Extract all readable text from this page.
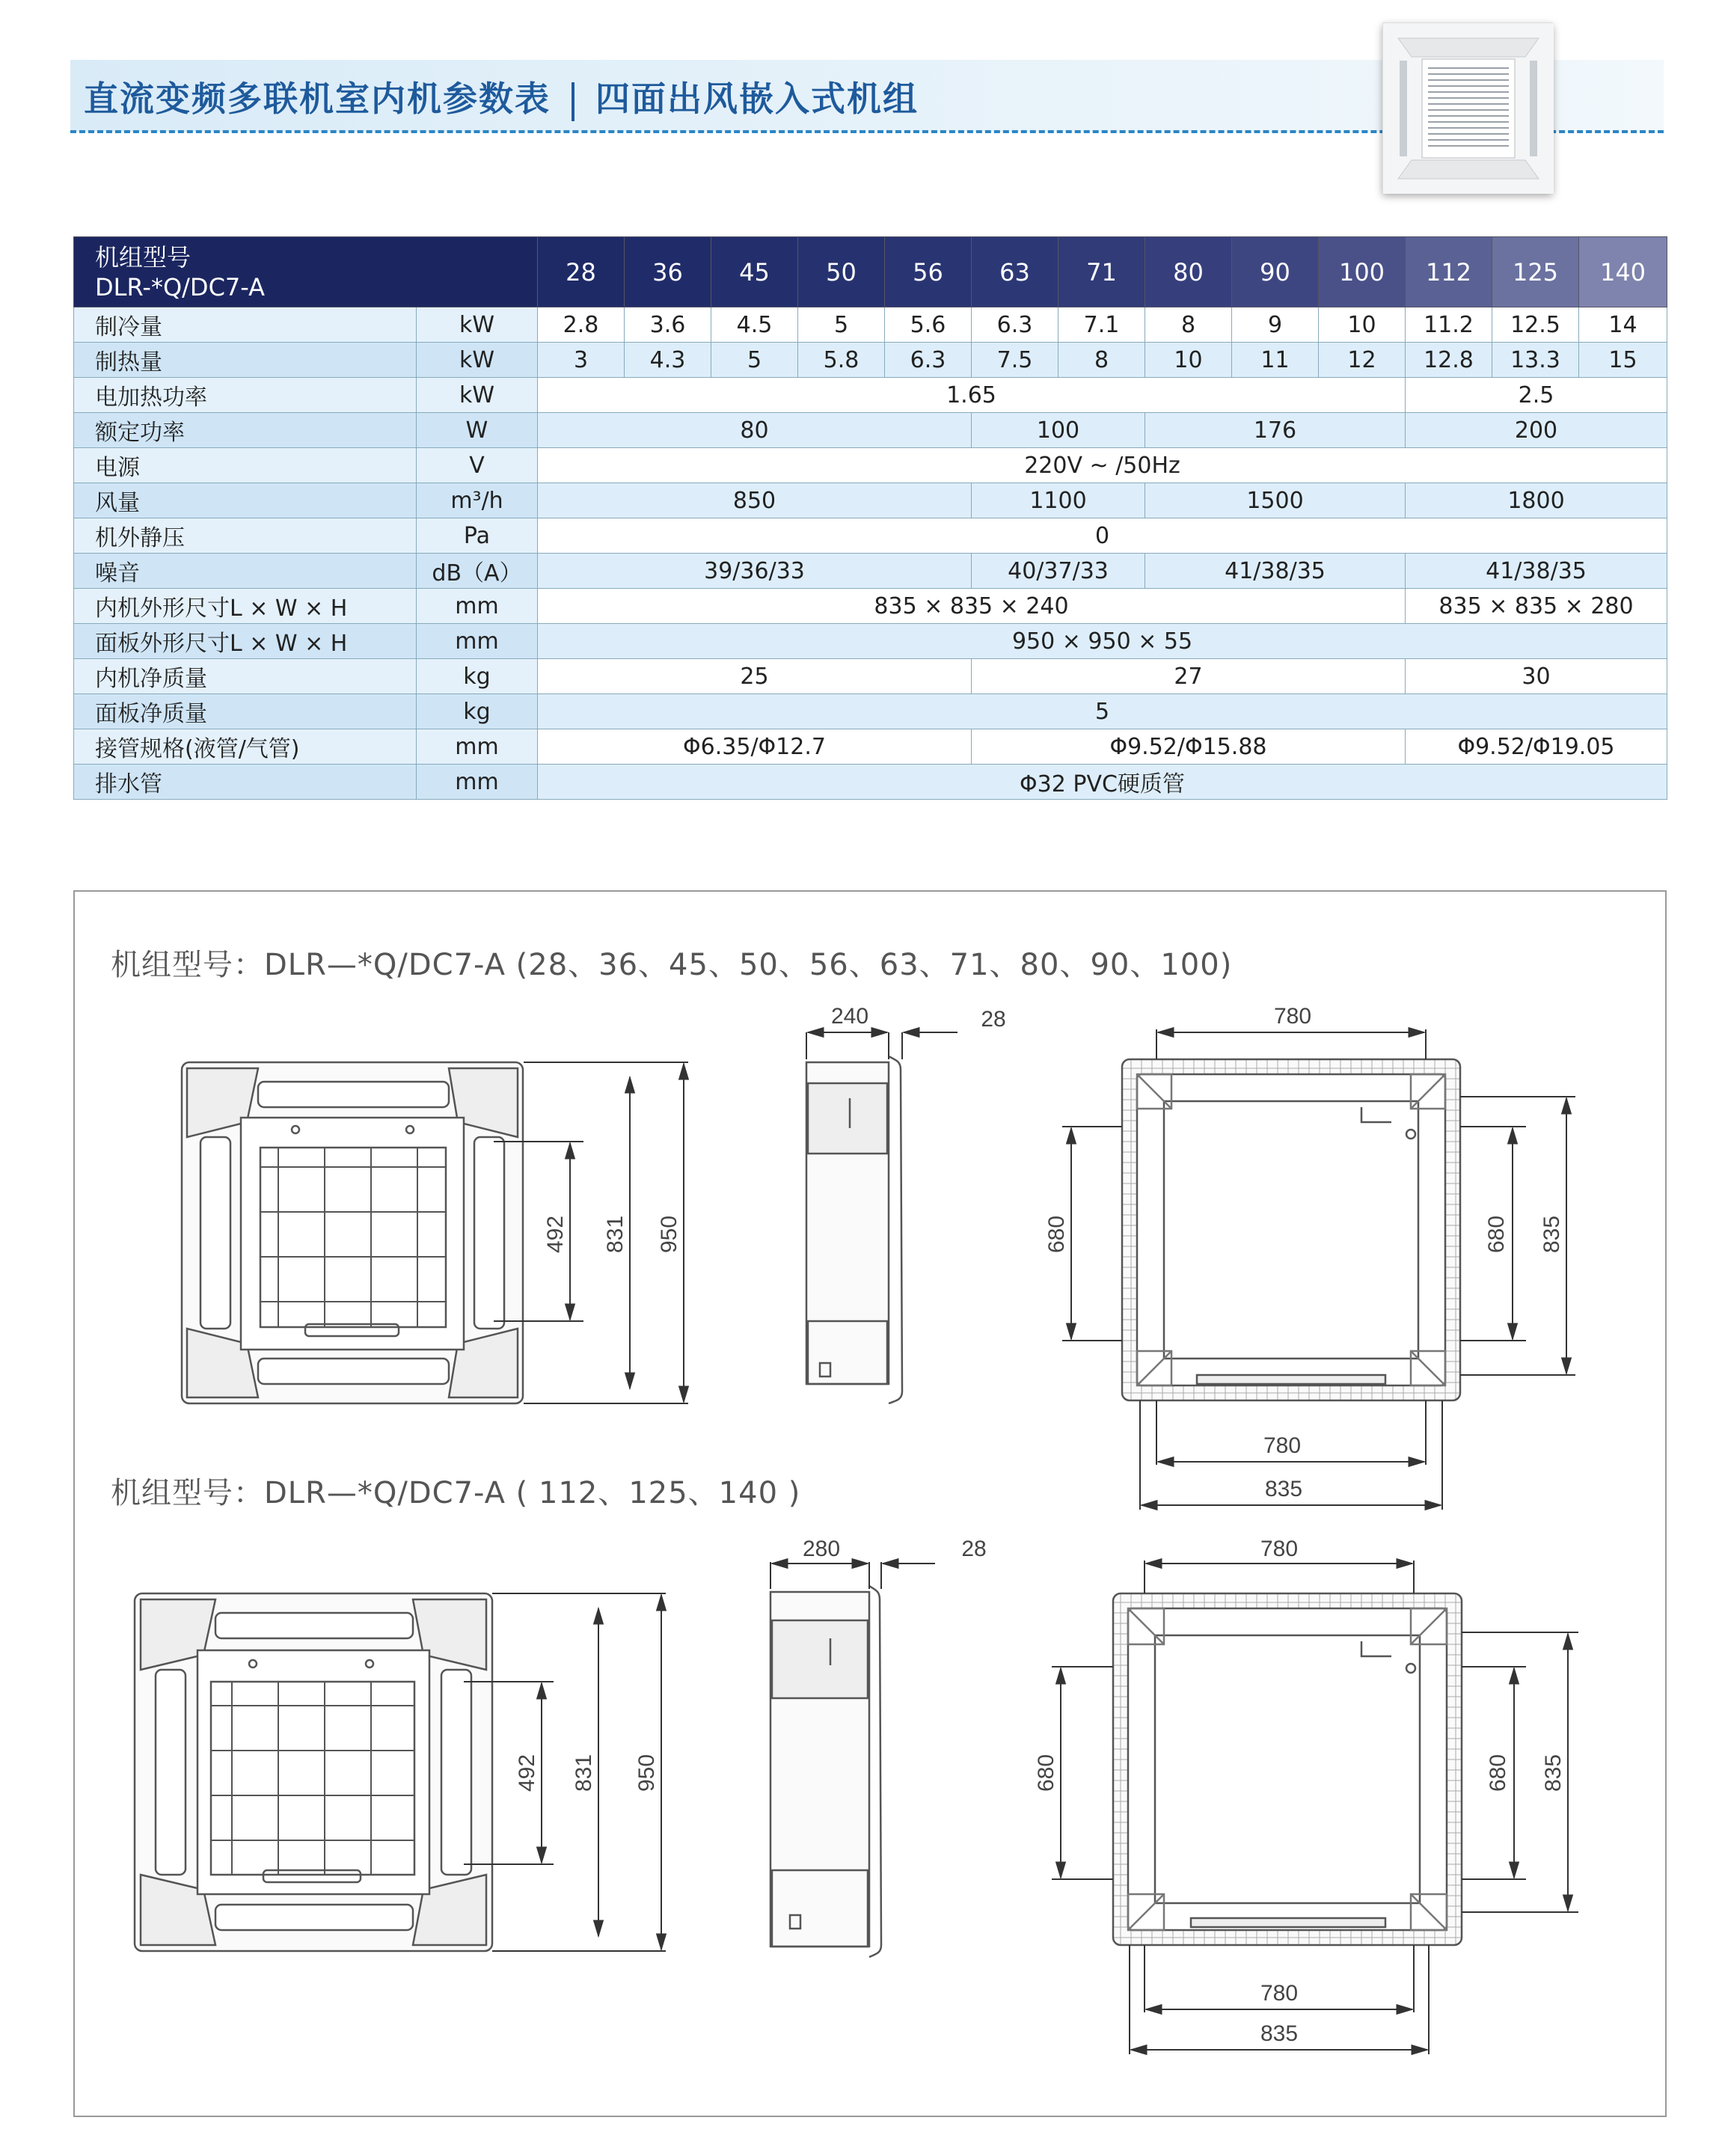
直流变频多联机室内机参数表 四面出风嵌入式机组
机组型号
DLR-*Q/DC7-A		28	36	45	50	56	63	71	80	90	100	112	125	140
制冷量	kW	2.8	3.6	4.5	5	5.6	6.3	7.1	8	9	10	11.2	12.5	14
制热量	kW	3	4.3	5	5.8	6.3	7.5	8	10	11	12	12.8	13.3	15
电加热功率	kW	1.65										2.5		
额定功率	W	80					100		176			200		
电源	V	220V ~ /50Hz												
风量	m³/h	850					1100		1500			1800		
机外静压	Pa	0												
噪音	dB（A）	39/36/33					40/37/33		41/38/35			41/38/35		
内机外形尺寸L × W × H	mm	835 × 835 × 240										835 × 835 × 280		
面板外形尺寸L × W × H	mm	950 × 950 × 55												
内机净质量	kg	25					27					30		
面板净质量	kg	5												
接管规格(液管/气管)	mm	Φ6.35/Φ12.7					Φ9.52/Φ15.88					Φ9.52/Φ19.05		
排水管	mm	Φ32 PVC硬质管												
机组型号：DLR—*Q/DC7-A (28、36、45、50、56、63、71、80、90、100)
机组型号：DLR—*Q/DC7-A ( 112、125、140 )
492 831 950
240	28	780
680	680 835
780
835
492 831 950
280	28	780
680	680 835
780
835
